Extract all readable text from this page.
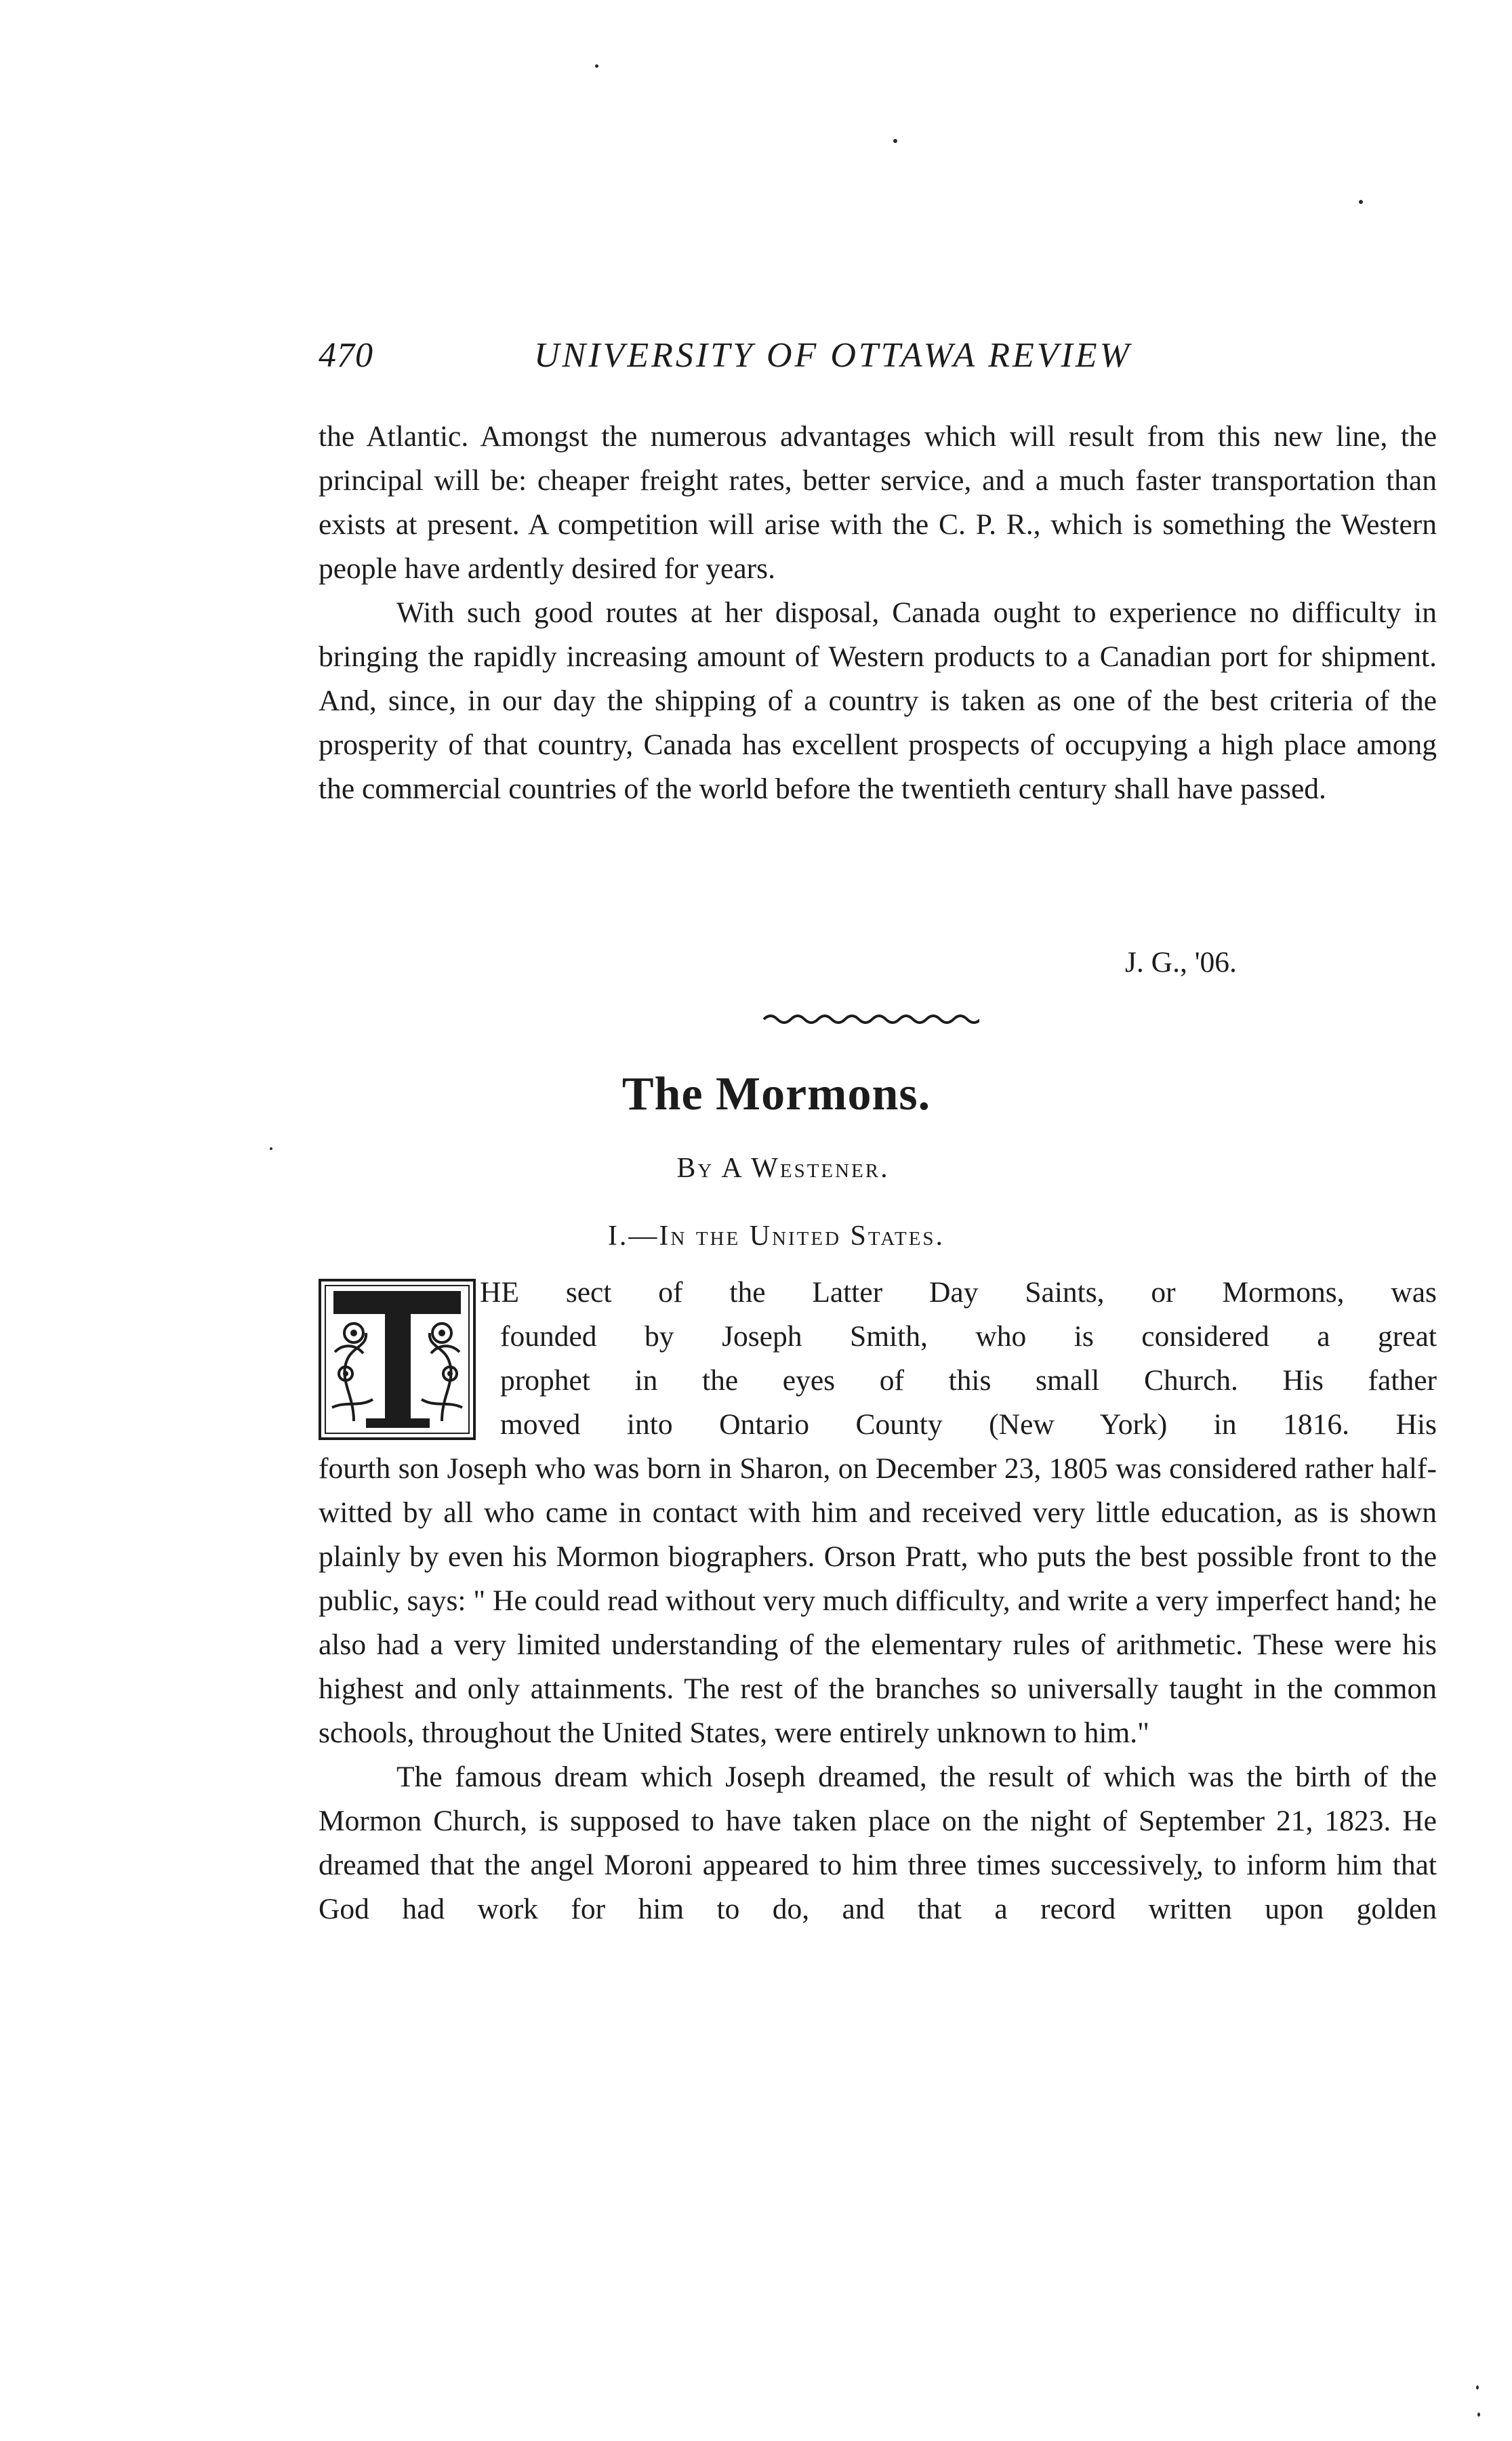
470	UNIVERSITY OF OTTAWA REVIEW

the Atlantic. Amongst the numerous advantages which will result from this new line, the principal will be: cheaper freight rates, better service, and a much faster transportation than exists at present. A competition will arise with the C. P. R., which is something the Western people have ardently desired for years.

With such good routes at her disposal, Canada ought to experience no difficulty in bringing the rapidly increasing amount of Western products to a Canadian port for shipment. And, since, in our day the shipping of a country is taken as one of the best criteria of the prosperity of that country, Canada has excellent prospects of occupying a high place among the commercial countries of the world before the twentieth century shall have passed.

J. G., '06.
The Mormons.
By A Westener.
I.—In the United States.
HE sect of the Latter Day Saints, or Mormons, was
founded by Joseph Smith, who is considered a great
prophet in the eyes of this small Church. His father
moved into Ontario County (New York) in 1816. His

fourth son Joseph who was born in Sharon, on December 23, 1805 was considered rather half-witted by all who came in contact with him and received very little education, as is shown plainly by even his Mormon biographers. Orson Pratt, who puts the best possible front to the public, says: " He could read without very much difficulty, and write a very imperfect hand; he also had a very limited understanding of the elementary rules of arithmetic. These were his highest and only attainments. The rest of the branches so universally taught in the common schools, throughout the United States, were entirely unknown to him."

The famous dream which Joseph dreamed, the result of which was the birth of the Mormon Church, is supposed to have taken place on the night of September 21, 1823. He dreamed that the angel Moroni appeared to him three times successively, to inform him that God had work for him to do, and that a record written upon golden
